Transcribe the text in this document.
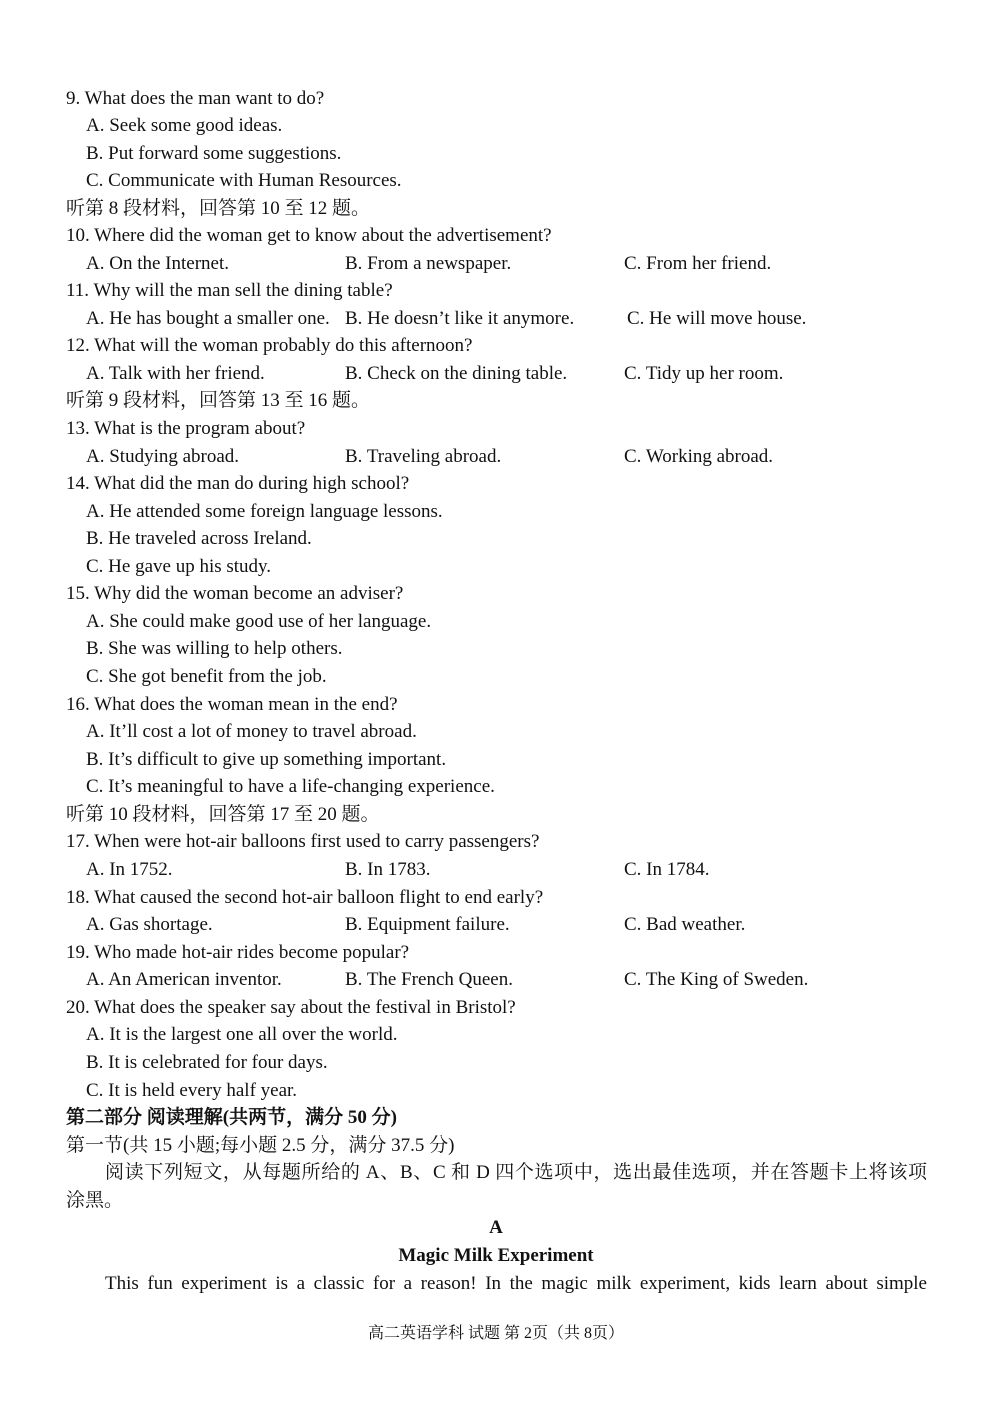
9. What does the man want to do?
A. Seek some good ideas.
B. Put forward some suggestions.
C. Communicate with Human Resources.
听第 8 段材料，回答第 10 至 12 题。
10. Where did the woman get to know about the advertisement?
A. On the Internet.	B. From a newspaper.	C. From her friend.
11. Why will the man sell the dining table?
A. He has bought a smaller one. B. He doesn’t like it anymore.	C. He will move house.
12. What will the woman probably do this afternoon?
A. Talk with her friend.	B. Check on the dining table.	C. Tidy up her room.
听第 9 段材料，回答第 13 至 16 题。
13. What is the program about?
A. Studying abroad.	B. Traveling abroad.	C. Working abroad.
14. What did the man do during high school?
A. He attended some foreign language lessons.
B. He traveled across Ireland.
C. He gave up his study.
15. Why did the woman become an adviser?
A. She could make good use of her language.
B. She was willing to help others.
C. She got benefit from the job.
16. What does the woman mean in the end?
A. It’ll cost a lot of money to travel abroad.
B. It’s difficult to give up something important.
C. It’s meaningful to have a life-changing experience.
听第 10 段材料，回答第 17 至 20 题。
17. When were hot-air balloons first used to carry passengers?
A. In 1752.	B. In 1783.	C. In 1784.
18. What caused the second hot-air balloon flight to end early?
A. Gas shortage.	B. Equipment failure.	C. Bad weather.
19. Who made hot-air rides become popular?
A. An American inventor.	B. The French Queen.	C. The King of Sweden.
20. What does the speaker say about the festival in Bristol?
A. It is the largest one all over the world.
B. It is celebrated for four days.
C. It is held every half year.
第二部分 阅读理解(共两节，满分 50 分)
第一节(共 15 小题;每小题 2.5 分，满分 37.5 分)
阅读下列短文，从每题所给的 A、B、C 和 D 四个选项中，选出最佳选项，并在答题卡上将该项
涂黑。
A
Magic Milk Experiment
This fun experiment is a classic for a reason! In the magic milk experiment, kids learn about simple
高二英语学科 试题 第 2页（共 8页）
